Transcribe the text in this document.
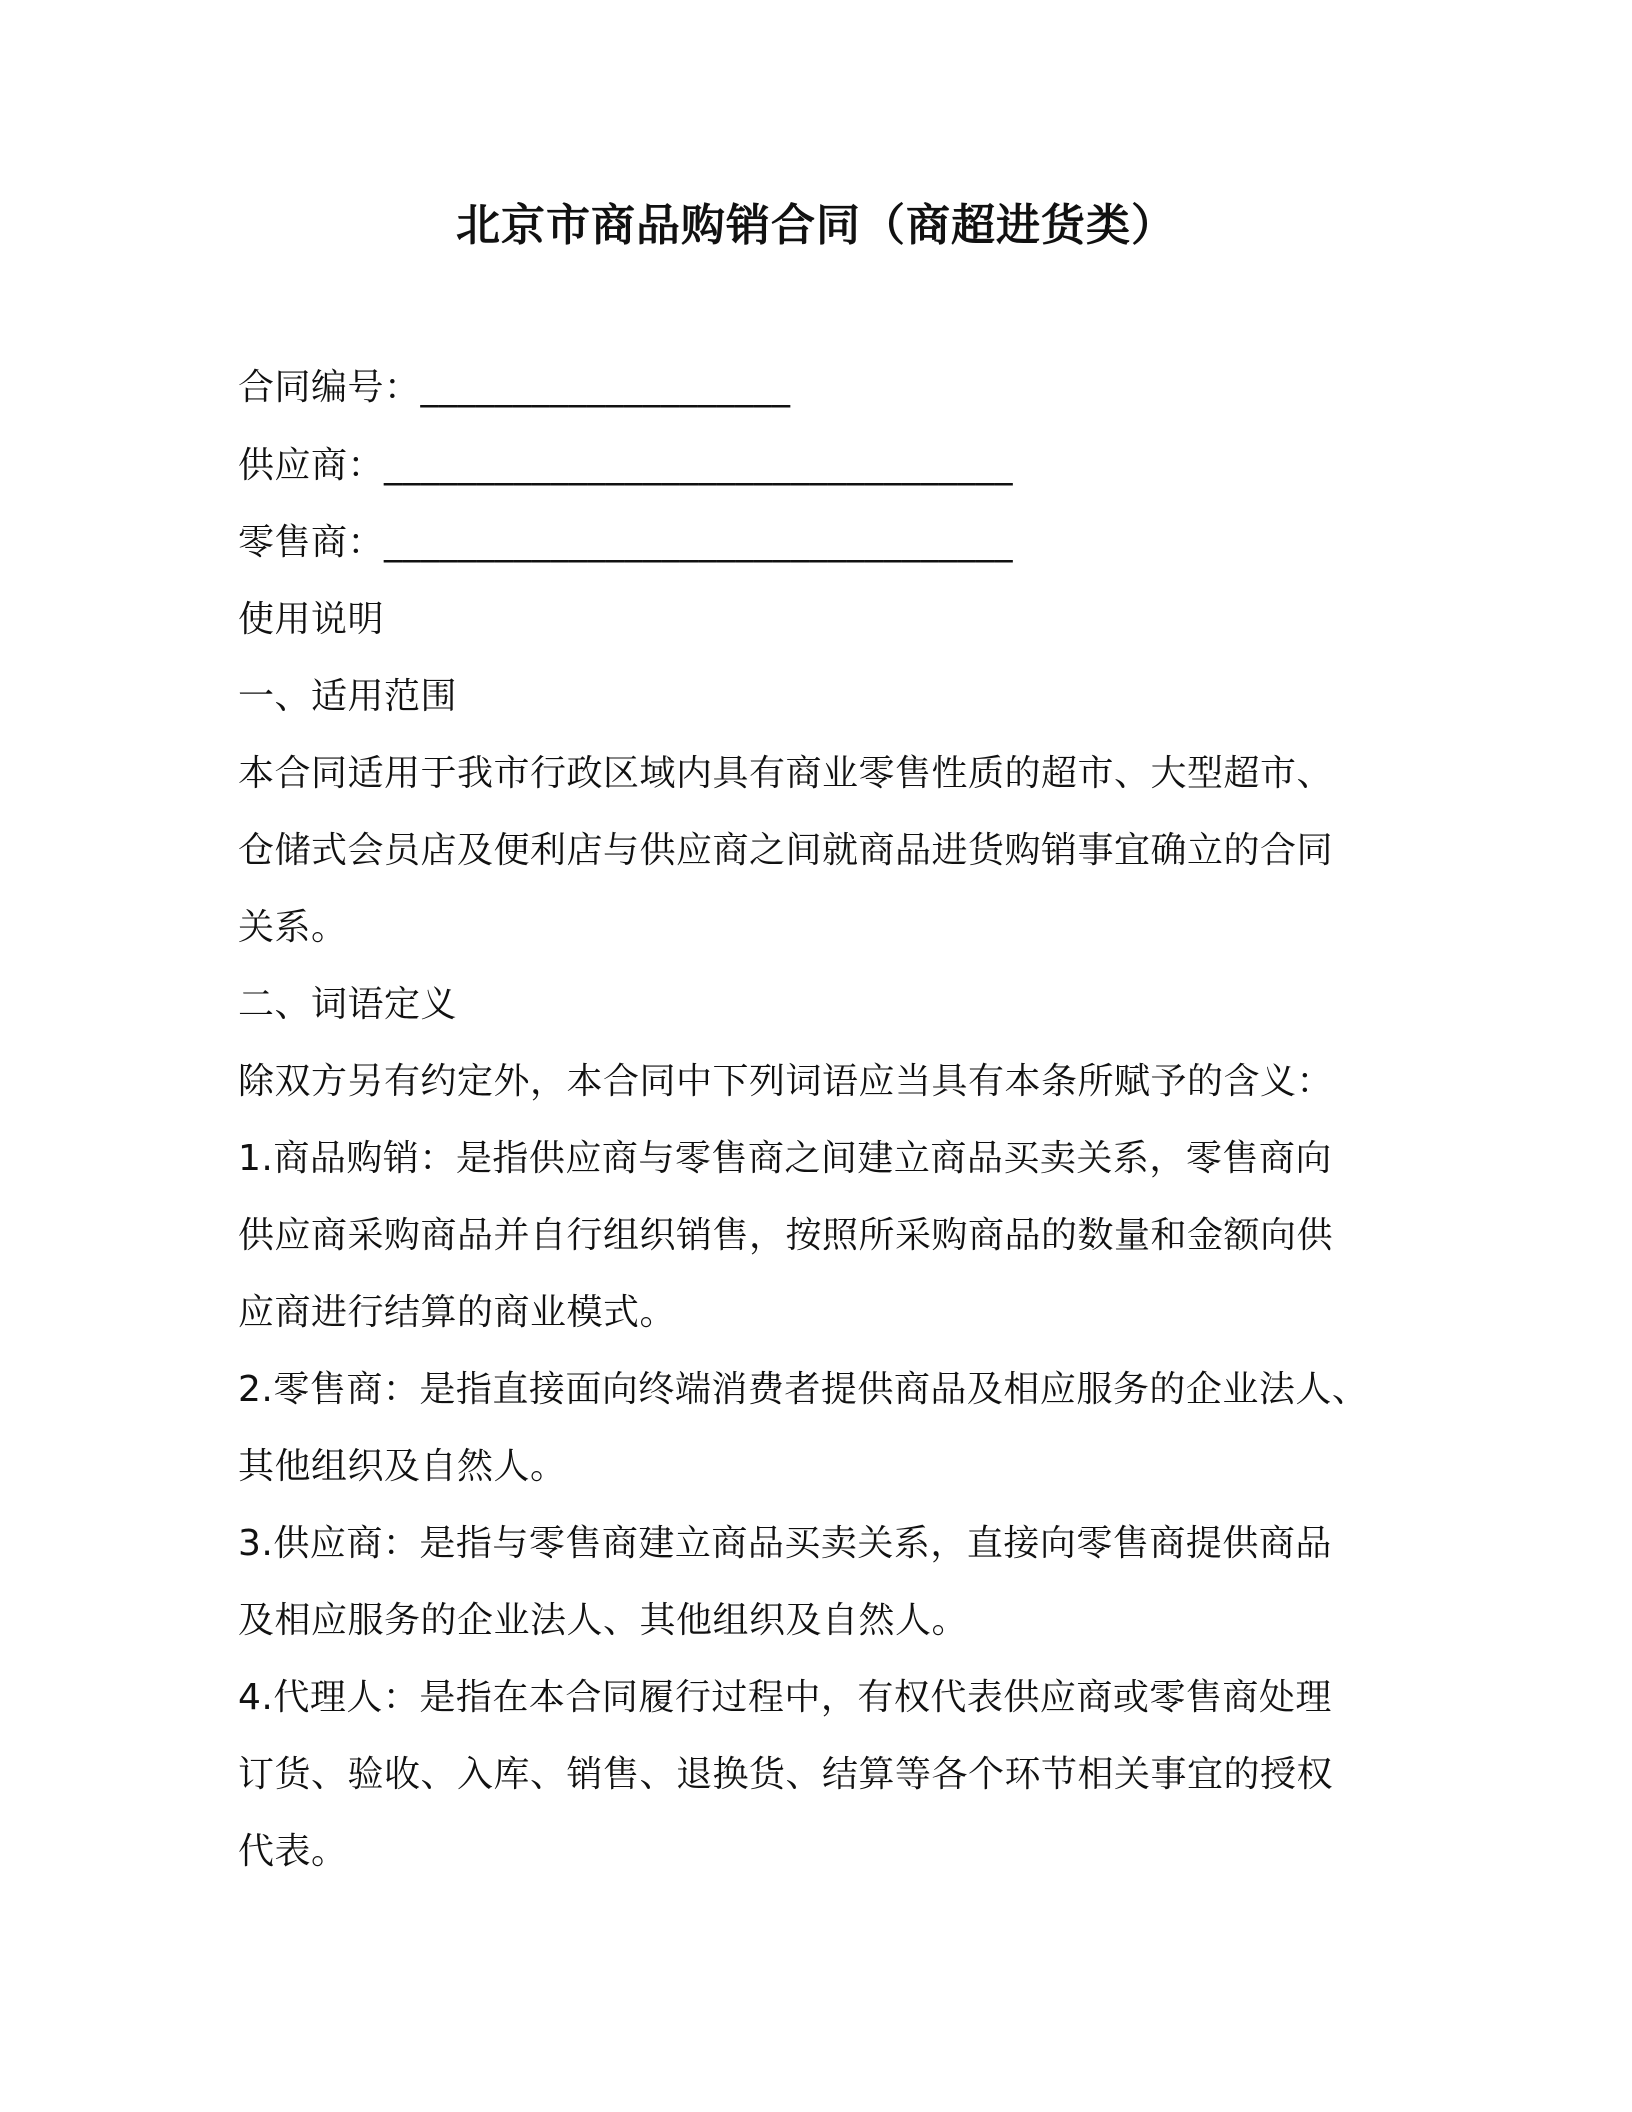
北京市商品购销合同（商超进货类）
合同编号：____________________
供应商：__________________________________
零售商：__________________________________
使用说明
一、适用范围
本合同适用于我市行政区域内具有商业零售性质的超市、大型超市、
仓储式会员店及便利店与供应商之间就商品进货购销事宜确立的合同
关系。
二、词语定义
除双方另有约定外，本合同中下列词语应当具有本条所赋予的含义：
1.商品购销：是指供应商与零售商之间建立商品买卖关系，零售商向
供应商采购商品并自行组织销售，按照所采购商品的数量和金额向供
应商进行结算的商业模式。
2.零售商：是指直接面向终端消费者提供商品及相应服务的企业法人、
其他组织及自然人。
3.供应商：是指与零售商建立商品买卖关系，直接向零售商提供商品
及相应服务的企业法人、其他组织及自然人。
4.代理人：是指在本合同履行过程中，有权代表供应商或零售商处理
订货、验收、入库、销售、退换货、结算等各个环节相关事宜的授权
代表。
